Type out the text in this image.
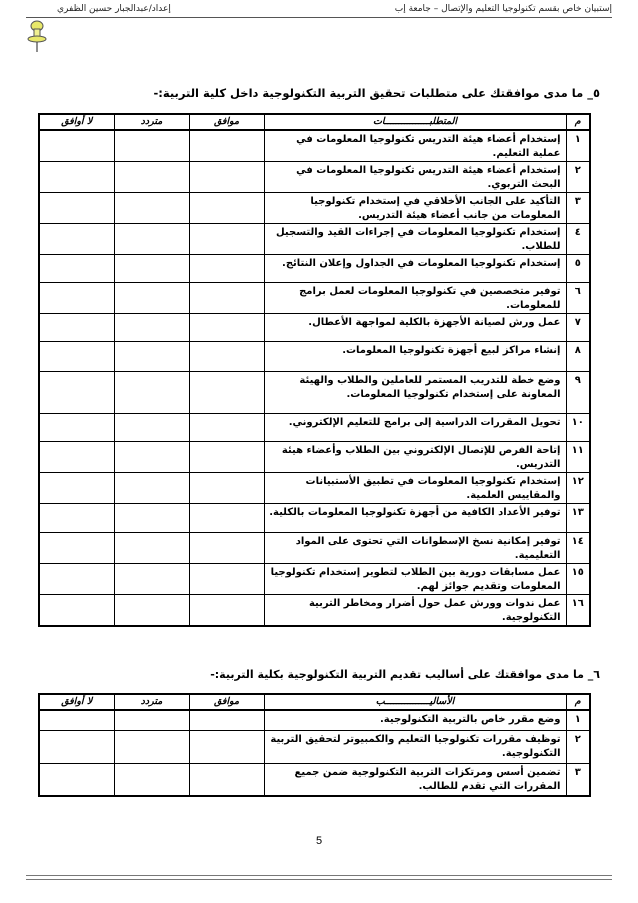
إعداد/عبدالجبار حسين الظفري	إستبيان خاص بقسم تكنولوجيا التعليم والإتصال – جامعة إب
٥_ ما مدى موافقتك على متطلبات تحقيق التربية التكنولوجية داخل كلية التربية:-
م	المتطلبــــــــــــــــات	موافق	متردد	لا أوافق
١	إستخدام أعضاء هيئة التدريس تكنولوجيا المعلومات في عملية التعليم.			
٢	إستخدام أعضاء هيئة التدريس تكنولوجيا المعلومات في البحث التربوي.			
٣	التأكيد على الجانب الأخلاقي في إستخدام تكنولوجيا المعلومات من جانب أعضاء هيئة التدريس.			
٤	إستخدام تكنولوجيا المعلومات في إجراءات القيد والتسجيل للطلاب.			
٥	إستخدام تكنولوجيا المعلومات في الجداول وإعلان النتائج.			
٦	توفير متخصصين في تكنولوجيا المعلومات لعمل برامج للمعلومات.			
٧	عمل ورش لصيانة الأجهزة بالكلية لمواجهة الأعطال.			
٨	إنشاء مراكز لبيع أجهزة تكنولوجيا المعلومات.			
٩	وضع خطة للتدريب المستمر للعاملين والطلاب والهيئة المعاونة على إستخدام تكنولوجيا المعلومات.			
١٠	تحويل المقررات الدراسية إلى برامج للتعليم الإلكتروني.			
١١	إتاحة الفرص للإتصال الإلكتروني بين الطلاب وأعضاء هيئة التدريس.			
١٢	إستخدام تكنولوجيا المعلومات في تطبيق الأستبيانات والمقاييس العلمية.			
١٣	توفير الأعداد الكافية من أجهزة تكنولوجيا المعلومات بالكلية.			
١٤	توفير إمكانية نسخ الإسطوانات التي تحتوى على المواد التعليمية.			
١٥	عمل مسابقات دورية بين الطلاب لتطوير إستخدام تكنولوجيا المعلومات وتقديم جوائز لهم.			
١٦	عمل ندوات وورش عمل حول أضرار ومخاطر التربية التكنولوجية.			
٦_ ما مدى موافقتك على أساليب تقديم التربية التكنولوجية بكلية التربية:-
م	الأساليــــــــــــــــب	موافق	متردد	لا أوافق
١	وضع مقرر خاص بالتربية التكنولوجية.			
٢	توظيف مقررات تكنولوجيا التعليم والكمبيوتر لتحقيق التربية التكنولوجية.			
٣	تضمين أسس ومرتكزات التربية التكنولوجية ضمن جميع المقررات التي تقدم للطالب.			
5
